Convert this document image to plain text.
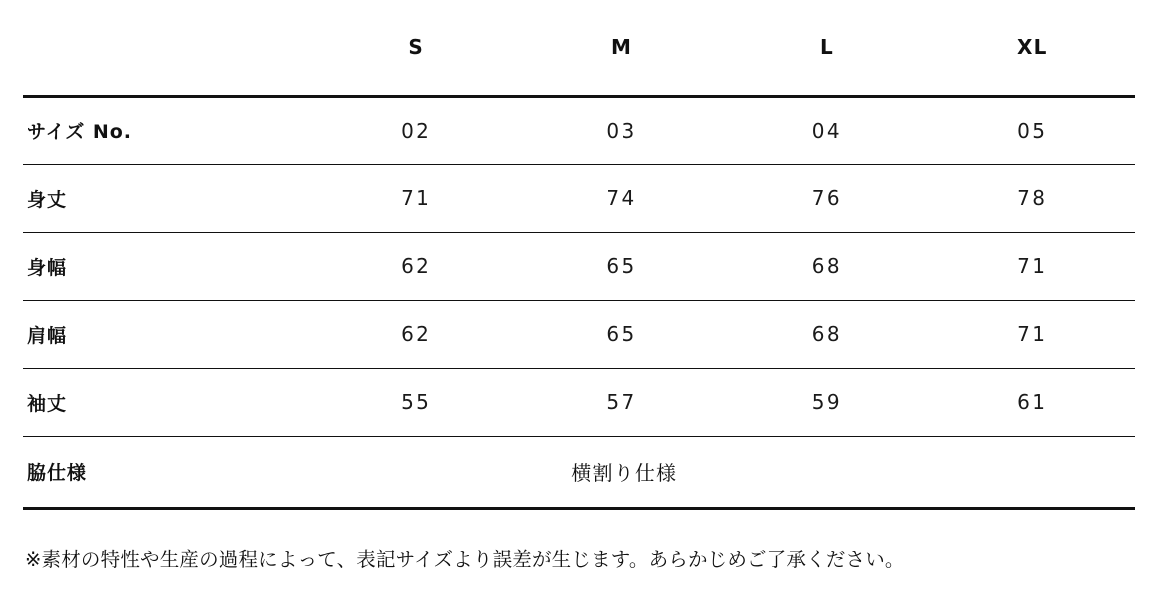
	S	M	L	XL
サイズ No.	02	03	04	05
身丈	71	74	76	78
身幅	62	65	68	71
肩幅	62	65	68	71
袖丈	55	57	59	61
脇仕様	横割り仕様			
※素材の特性や生産の過程によって、表記サイズより誤差が生じます。あらかじめご了承ください。
